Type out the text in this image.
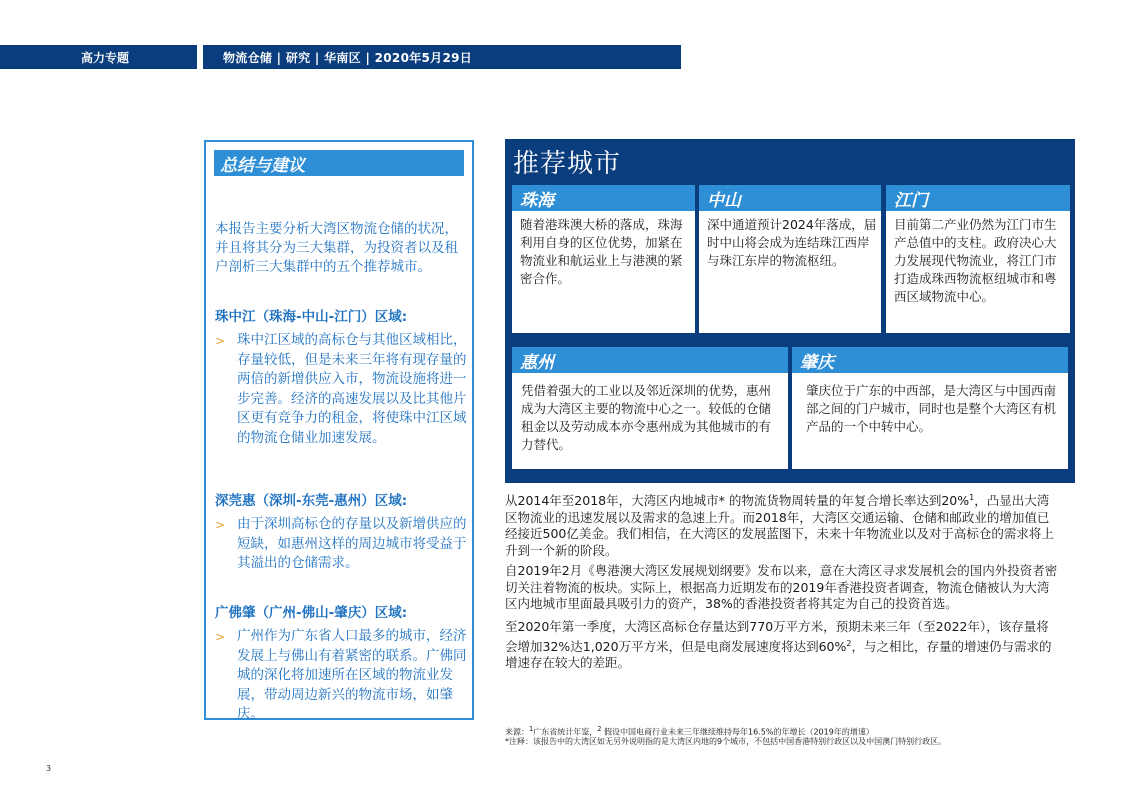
高力专题	物流仓储 | 研究 | 华南区 | 2020年5月29日
总结与建议
本报告主要分析大湾区物流仓储的状况，并且将其分为三大集群，为投资者以及租户剖析三大集群中的五个推荐城市。
珠中江（珠海-中山-江门）区域:
> 珠中江区域的高标仓与其他区域相比，存量较低，但是未来三年将有现存量的两倍的新增供应入市，物流设施将进一步完善。经济的高速发展以及比其他片区更有竞争力的租金，将使珠中江区域的物流仓储业加速发展。
深莞惠（深圳-东莞-惠州）区域:
> 由于深圳高标仓的存量以及新增供应的短缺，如惠州这样的周边城市将受益于其溢出的仓储需求。
广佛肇（广州-佛山-肇庆）区域:
> 广州作为广东省人口最多的城市，经济发展上与佛山有着紧密的联系。广佛同城的深化将加速所在区域的物流业发展，带动周边新兴的物流市场，如肇庆。
推荐城市
珠海
随着港珠澳大桥的落成，珠海利用自身的区位优势，加紧在物流业和航运业上与港澳的紧密合作。
中山
深中通道预计2024年落成，届时中山将会成为连结珠江西岸与珠江东岸的物流枢纽。
江门
目前第二产业仍然为江门市生产总值中的支柱。政府决心大力发展现代物流业，将江门市打造成珠西物流枢纽城市和粤西区域物流中心。
惠州
凭借着强大的工业以及邻近深圳的优势，惠州成为大湾区主要的物流中心之一。较低的仓储租金以及劳动成本亦令惠州成为其他城市的有力替代。
肇庆
肇庆位于广东的中西部，是大湾区与中国西南部之间的门户城市，同时也是整个大湾区有机产品的一个中转中心。
从2014年至2018年，大湾区内地城市* 的物流货物周转量的年复合增长率达到20%$^1$，凸显出大湾区物流业的迅速发展以及需求的急速上升。而2018年，大湾区交通运输、仓储和邮政业的增加值已经接近500亿美金。我们相信，在大湾区的发展蓝图下，未来十年物流业以及对于高标仓的需求将上升到一个新的阶段。
自2019年2月《粤港澳大湾区发展规划纲要》发布以来，意在大湾区寻求发展机会的国内外投资者密切关注着物流的板块。实际上，根据高力近期发布的2019年香港投资者调查，物流仓储被认为大湾区内地城市里面最具吸引力的资产，38%的香港投资者将其定为自己的投资首选。
至2020年第一季度，大湾区高标仓存量达到770万平方米，预期未来三年（至2022年），该存量将会增加32%达1,020万平方米，但是电商发展速度将达到60%$^2$，与之相比，存量的增速仍与需求的增速存在较大的差距。
来源：$^1$广东省统计年鉴，$^2$ 假设中国电商行业未来三年继续维持每年16.5%的年增长（2019年的增速）
*注释：该报告中的大湾区如无另外说明指的是大湾区内地的9个城市，不包括中国香港特别行政区以及中国澳门特别行政区。
3
